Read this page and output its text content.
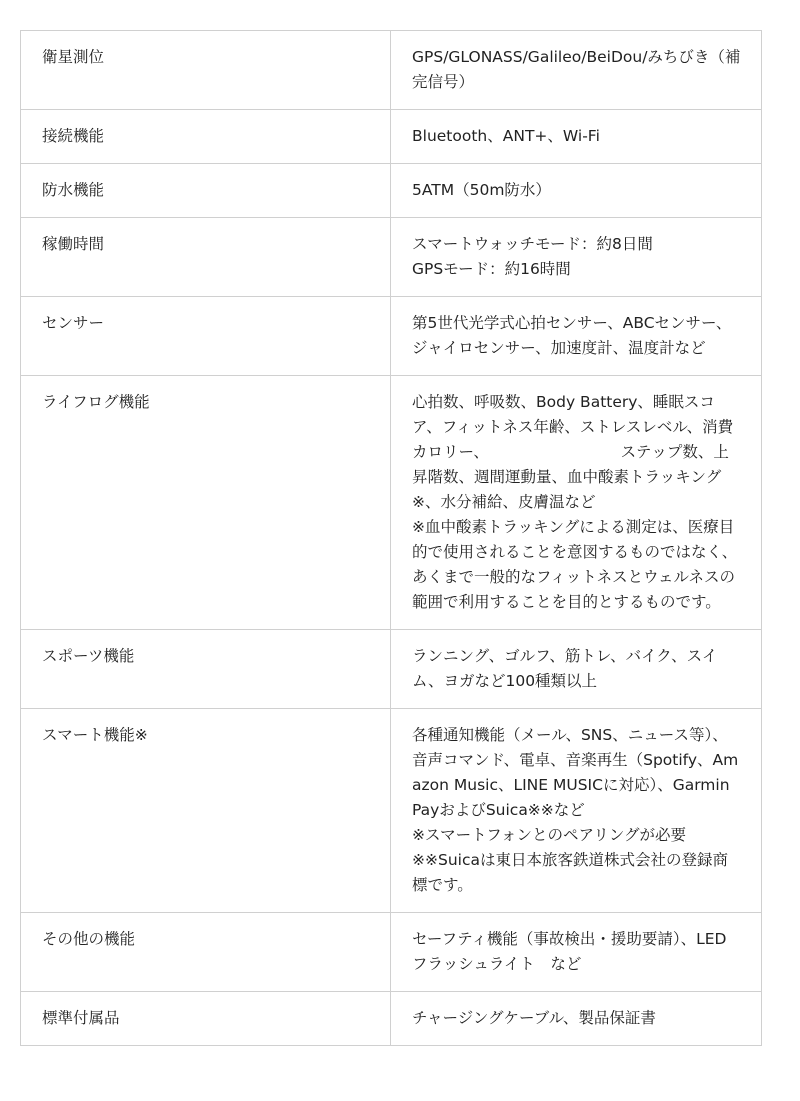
衛星測位	GPS/GLONASS/Galileo/BeiDou/みちびき（補完信号）

接続機能	Bluetooth、ANT+、Wi-Fi

防水機能	5ATM（50m防水）

稼働時間	スマートウォッチモード：約8日間
GPSモード：約16時間

センサー	第5世代光学式心拍センサー、ABCセンサー、ジャイロセンサー、加速度計、温度計など

ライフログ機能	心拍数、呼吸数、Body Battery、睡眠スコア、フィットネス年齢、ストレスレベル、消費カロリー、　　　　　　　　　ステップ数、上昇階数、週間運動量、血中酸素トラッキング※、水分補給、皮膚温など
※血中酸素トラッキングによる測定は、医療目的で使用されることを意図するものではなく、あくまで一般的なフィットネスとウェルネスの範囲で利用することを目的とするものです。

スポーツ機能	ランニング、ゴルフ、筋トレ、バイク、スイム、ヨガなど100種類以上

スマート機能※	各種通知機能（メール、SNS、ニュース等）、音声コマンド、電卓、音楽再生（Spotify、Amazon Music、LINE MUSICに対応）、Garmin PayおよびSuica※※など
※スマートフォンとのペアリングが必要
※※Suicaは東日本旅客鉄道株式会社の登録商標です。

その他の機能	セーフティ機能（事故検出・援助要請）、LEDフラッシュライト　など

標準付属品	チャージングケーブル、製品保証書
